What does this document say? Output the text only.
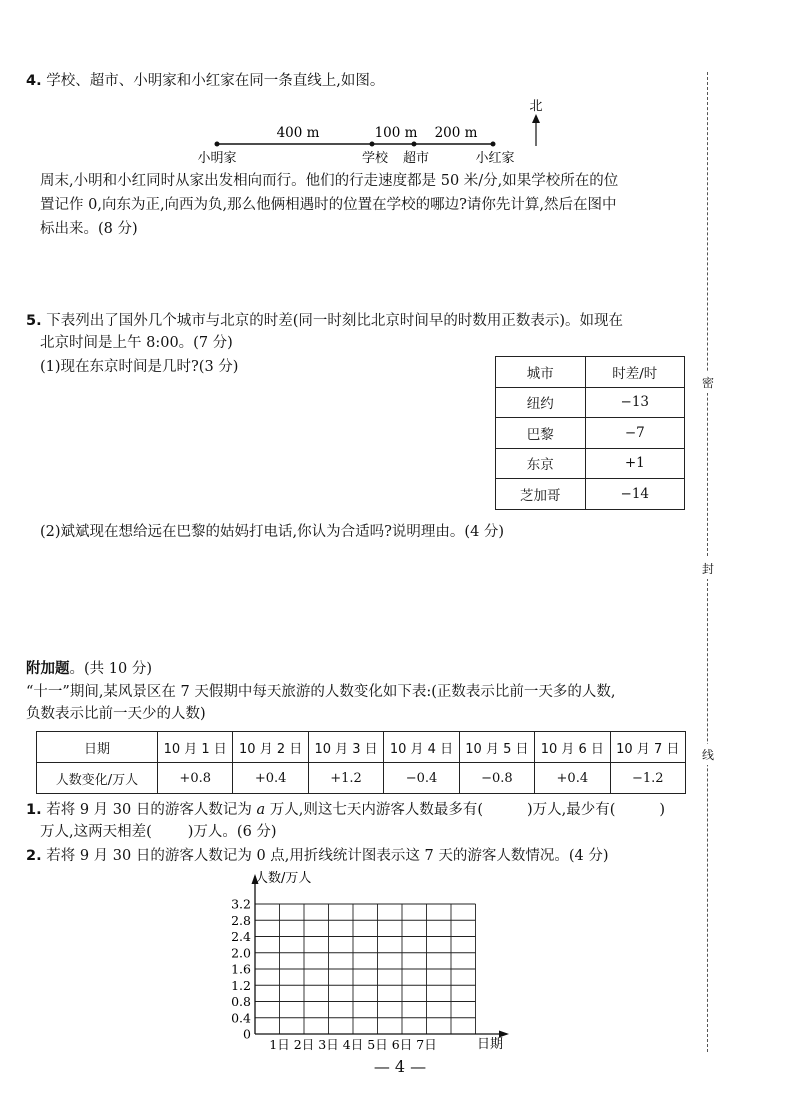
密
封
线
4. 学校、超市、小明家和小红家在同一条直线上,如图。
北
400 m	100 m 200 m
小明家	学校 超市	小红家
周末,小明和小红同时从家出发相向而行。他们的行走速度都是 50 米/分,如果学校所在的位
置记作 0,向东为正,向西为负,那么他俩相遇时的位置在学校的哪边?请你先计算,然后在图中
标出来。(8 分)
5. 下表列出了国外几个城市与北京的时差(同一时刻比北京时间早的时数用正数表示)。如现在
北京时间是上午 8:00。(7 分)
(1)现在东京时间是几时?(3 分)	城市	时差/时
纽约	−13
巴黎	−7
东京	+1
芝加哥	−14
(2)斌斌现在想给远在巴黎的姑妈打电话,你认为合适吗?说明理由。(4 分)
附加题。(共 10 分)
“十一”期间,某风景区在 7 天假期中每天旅游的人数变化如下表:(正数表示比前一天多的人数,
负数表示比前一天少的人数)
日期	10 月 1 日	10 月 2 日	10 月 3 日	10 月 4 日	10 月 5 日	10 月 6 日	10 月 7 日
人数变化/万人	+0.8	+0.4	+1.2	−0.4	−0.8	+0.4	−1.2
1. 若将 9 月 30 日的游客人数记为 a 万人,则这七天内游客人数最多有(	)万人,最少有(	)
万人,这两天相差( )万人。(6 分)
2. 若将 9 月 30 日的游客人数记为 0 点,用折线统计图表示这 7 天的游客人数情况。(4 分)
人数/万人
日期
0
0.4
0.8
1.2
1.6
2.0
2.4
2.8
3.2
1日 2日 3日 4日 5日 6日 7日
— 4 —
